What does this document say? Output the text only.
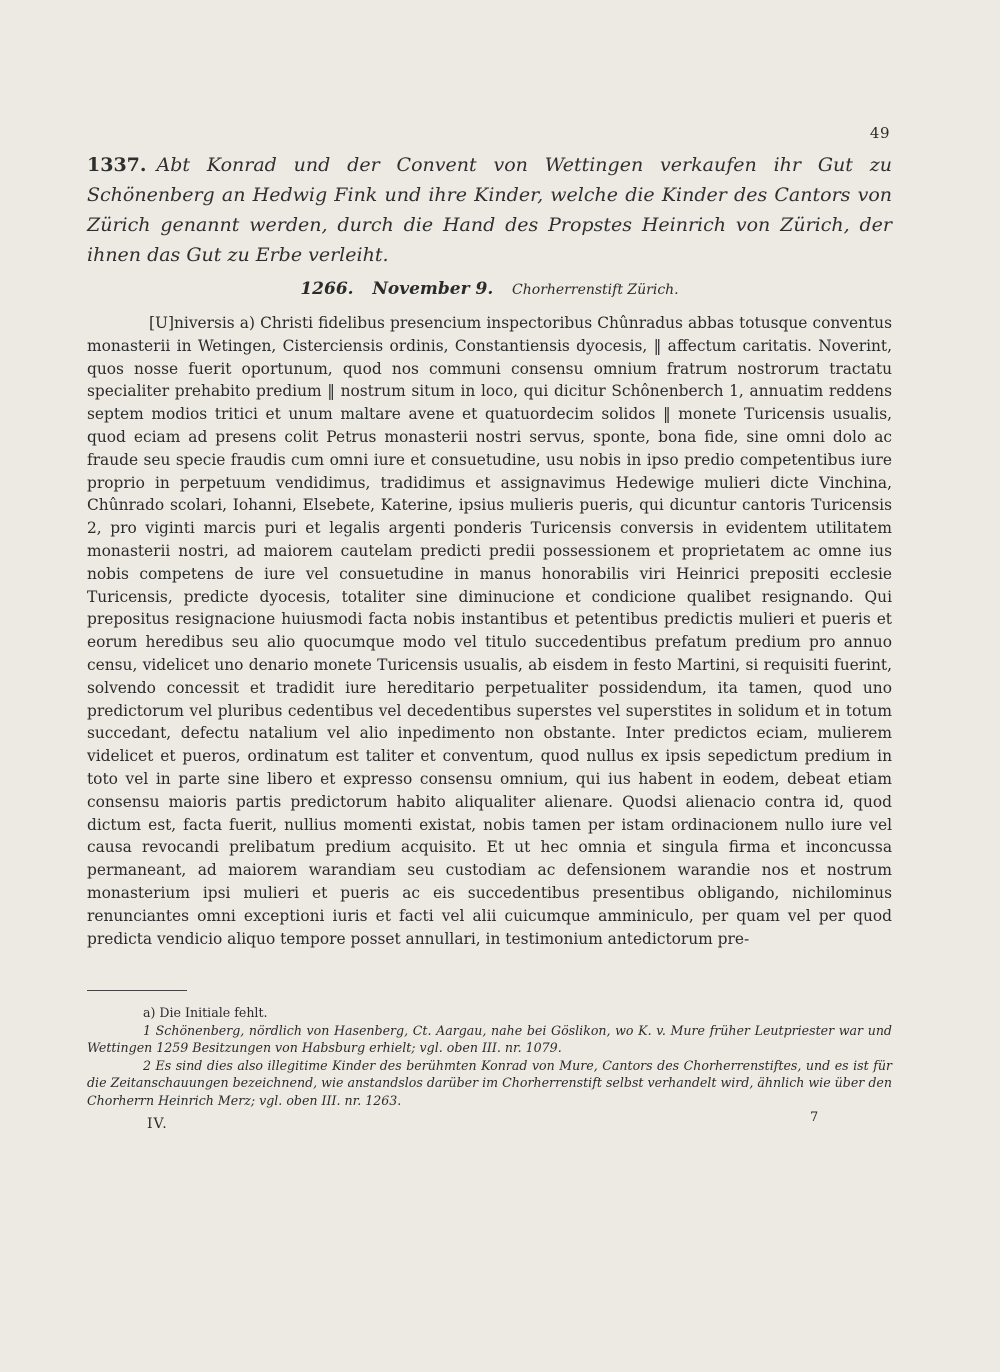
49
1337. Abt Konrad und der Convent von Wettingen verkaufen ihr Gut zu Schönenberg an Hedwig Fink und ihre Kinder, welche die Kinder des Cantors von Zürich genannt werden, durch die Hand des Propstes Heinrich von Zürich, der ihnen das Gut zu Erbe verleiht.
1266. November 9. Chorherrenstift Zürich.

[U]niversis a) Christi fidelibus presencium inspectoribus Chûnradus abbas totusque conventus monasterii in Wetingen, Cisterciensis ordinis, Constantiensis dyocesis, ‖ affectum caritatis. Noverint, quos nosse fuerit oportunum, quod nos communi consensu omnium fratrum nostrorum tractatu specialiter prehabito predium ‖ nostrum situm in loco, qui dicitur Schônenberch 1, annuatim reddens septem modios tritici et unum maltare avene et quatuordecim solidos ‖ monete Turicensis usualis, quod eciam ad presens colit Petrus monasterii nostri servus, sponte, bona fide, sine omni dolo ac fraude seu specie fraudis cum omni iure et consuetudine, usu nobis in ipso predio competentibus iure proprio in perpetuum vendidimus, tradidimus et assignavimus Hedewige mulieri dicte Vinchina, Chûnrado scolari, Iohanni, Elsebete, Katerine, ipsius mulieris pueris, qui dicuntur cantoris Turicensis 2, pro viginti marcis puri et legalis argenti ponderis Turicensis conversis in evidentem utilitatem monasterii nostri, ad maiorem cautelam predicti predii possessionem et proprietatem ac omne ius nobis competens de iure vel consuetudine in manus honorabilis viri Heinrici prepositi ecclesie Turicensis, predicte dyocesis, totaliter sine diminucione et condicione qualibet resignando. Qui prepositus resignacione huiusmodi facta nobis instantibus et petentibus predictis mulieri et pueris et eorum heredibus seu alio quocumque modo vel titulo succedentibus prefatum predium pro annuo censu, videlicet uno denario monete Turicensis usualis, ab eisdem in festo Martini, si requisiti fuerint, solvendo concessit et tradidit iure hereditario perpetualiter possidendum, ita tamen, quod uno predictorum vel pluribus cedentibus vel decedentibus superstes vel superstites in solidum et in totum succedant, defectu natalium vel alio inpedimento non obstante. Inter predictos eciam, mulierem videlicet et pueros, ordinatum est taliter et conventum, quod nullus ex ipsis sepedictum predium in toto vel in parte sine libero et expresso consensu omnium, qui ius habent in eodem, debeat etiam consensu maioris partis predictorum habito aliqualiter alienare. Quodsi alienacio contra id, quod dictum est, facta fuerit, nullius momenti existat, nobis tamen per istam ordinacionem nullo iure vel causa revocandi prelibatum predium acquisito. Et ut hec omnia et singula firma et inconcussa permaneant, ad maiorem warandiam seu custodiam ac defensionem warandie nos et nostrum monasterium ipsi mulieri et pueris ac eis succedentibus presentibus obligando, nichilominus renunciantes omni exceptioni iuris et facti vel alii cuicumque amminiculo, per quam vel per quod predicta vendicio aliquo tempore posset annullari, in testimonium antedictorum pre-

a) Die Initiale fehlt.

1 Schönenberg, nördlich von Hasenberg, Ct. Aargau, nahe bei Göslikon, wo K. v. Mure früher Leutpriester war und Wettingen 1259 Besitzungen von Habsburg erhielt; vgl. oben III. nr. 1079.

2 Es sind dies also illegitime Kinder des berühmten Konrad von Mure, Cantors des Chorherrenstiftes, und es ist für die Zeitanschauungen bezeichnend, wie anstandslos darüber im Chorherrenstift selbst verhandelt wird, ähnlich wie über den Chorherrn Heinrich Merz; vgl. oben III. nr. 1263.

IV.	7
